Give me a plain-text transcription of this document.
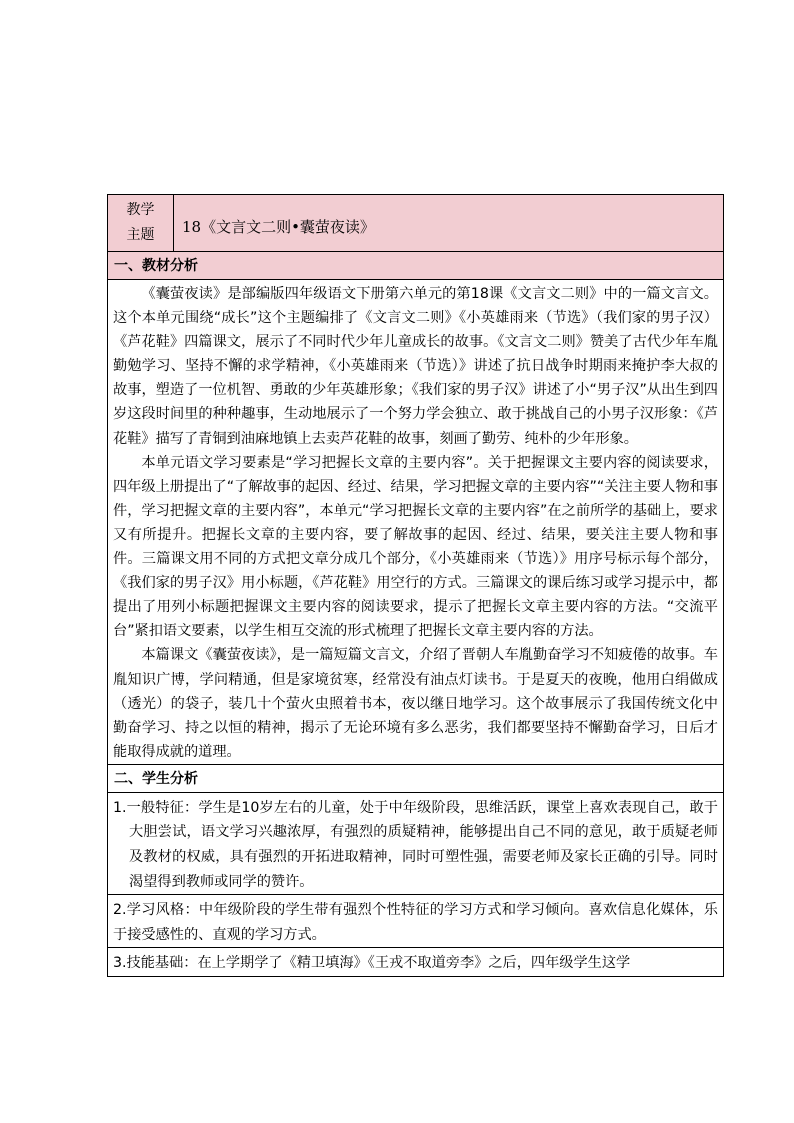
教学
主题	18《文言文二则•囊萤夜读》
一、教材分析

《囊萤夜读》是部编版四年级语文下册第六单元的第18课《文言文二则》中的一篇文言文。这个本单元围绕“成长”这个主题编排了《文言文二则》《小英雄雨来（节选》（我们家的男子汉）《芦花鞋》四篇课文，展示了不同时代少年儿童成长的故事。《文言文二则》赞美了古代少年车胤勤勉学习、坚持不懈的求学精神，《小英雄雨来（节选）》讲述了抗日战争时期雨来掩护李大叔的故事，塑造了一位机智、勇敢的少年英雄形象；《我们家的男子汉》讲述了小“男子汉”从出生到四岁这段时间里的种种趣事，生动地展示了一个努力学会独立、敢于挑战自己的小男子汉形象：《芦花鞋》描写了青铜到油麻地镇上去卖芦花鞋的故事，刻画了勤劳、纯朴的少年形象。

本单元语文学习要素是“学习把握长文章的主要内容”。关于把握课文主要内容的阅读要求，四年级上册提出了“了解故事的起因、经过、结果，学习把握文章的主要内容”“关注主要人物和事件，学习把握文章的主要内容”，本单元“学习把握长文章的主要内容”在之前所学的基础上，要求又有所提升。把握长文章的主要内容，要了解故事的起因、经过、结果，要关注主要人物和事件。三篇课文用不同的方式把文章分成几个部分，《小英雄雨来（节选）》用序号标示每个部分，《我们家的男子汉》用小标题，《芦花鞋》用空行的方式。三篇课文的课后练习或学习提示中，都提出了用列小标题把握课文主要内容的阅读要求，提示了把握长文章主要内容的方法。“交流平台”紧扣语文要素，以学生相互交流的形式梳理了把握长文章主要内容的方法。

本篇课文《囊萤夜读》，是一篇短篇文言文，介绍了晋朝人车胤勤奋学习不知疲倦的故事。车胤知识广博，学问精通，但是家境贫寒，经常没有油点灯读书。于是夏天的夜晚，他用白绢做成（透光）的袋子，装几十个萤火虫照着书本，夜以继日地学习。这个故事展示了我国传统文化中勤奋学习、持之以恒的精神，揭示了无论环境有多么恶劣，我们都要坚持不懈勤奋学习，日后才能取得成就的道理。

二、学生分析
1.一般特征：学生是10岁左右的儿童，处于中年级阶段，思维活跃，课堂上喜欢表现自己，敢于大胆尝试，语文学习兴趣浓厚，有强烈的质疑精神，能够提出自己不同的意见，敢于质疑老师及教材的权威，具有强烈的开拓进取精神，同时可塑性强，需要老师及家长正确的引导。同时渴望得到教师或同学的赞许。
2.学习风格：中年级阶段的学生带有强烈个性特征的学习方式和学习倾向。喜欢信息化媒体，乐于接受感性的、直观的学习方式。
3.技能基础：在上学期学了《精卫填海》《王戎不取道旁李》之后，四年级学生这学
